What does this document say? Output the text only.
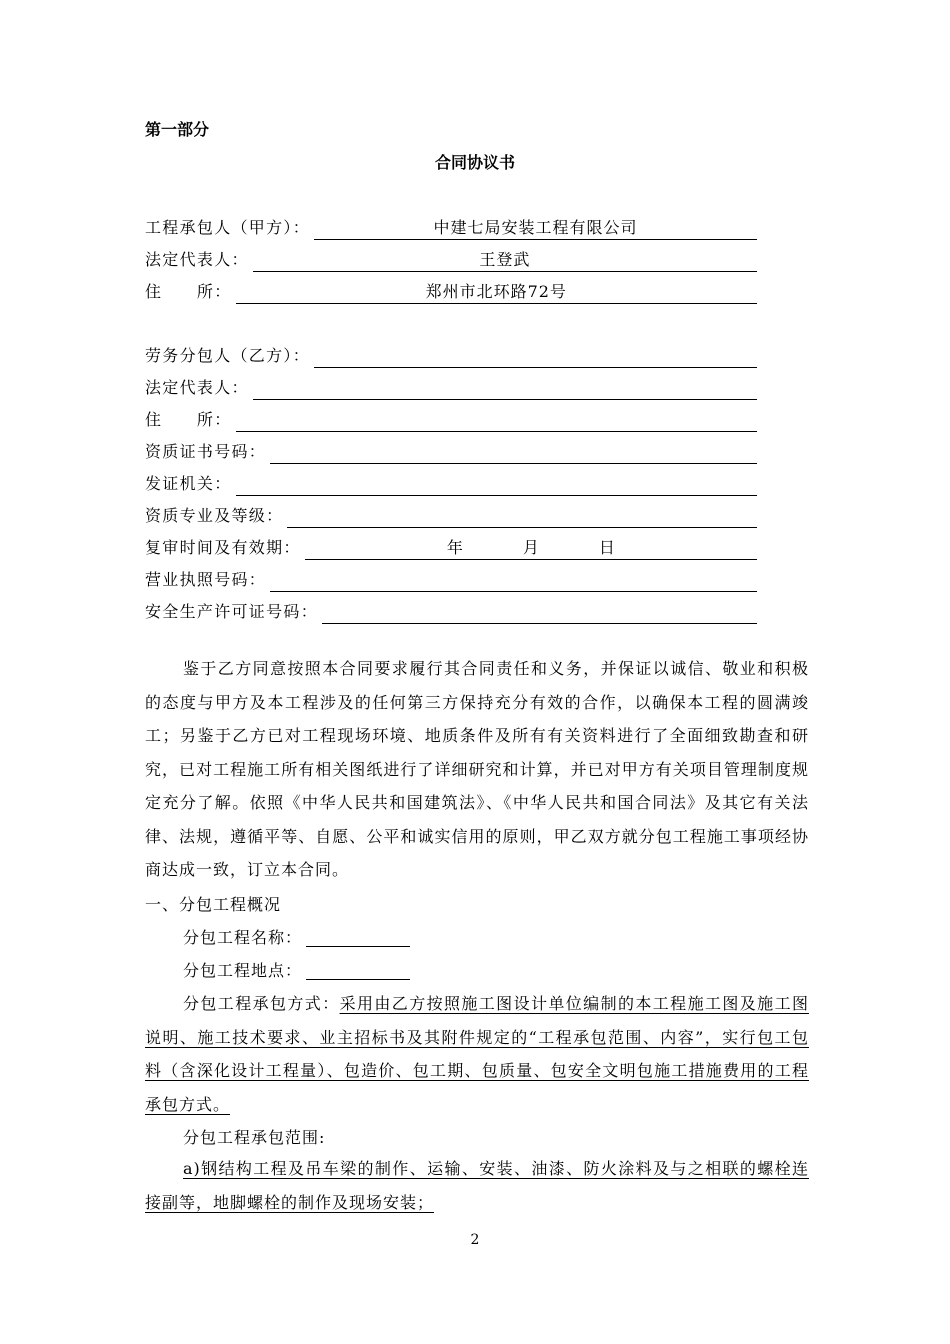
第一部分
合同协议书
工程承包人（甲方）：	中建七局安装工程有限公司
法定代表人：	王登武
住　　所：	郑州市北环路72号
劳务分包人（乙方）：
法定代表人：
住　　所：
资质证书号码：
发证机关：
资质专业及等级：
复审时间及有效期：	年	月	日
营业执照号码：
安全生产许可证号码：
鉴于乙方同意按照本合同要求履行其合同责任和义务，并保证以诚信、敬业和积极的态度与甲方及本工程涉及的任何第三方保持充分有效的合作，以确保本工程的圆满竣工；另鉴于乙方已对工程现场环境、地质条件及所有有关资料进行了全面细致勘查和研究，已对工程施工所有相关图纸进行了详细研究和计算，并已对甲方有关项目管理制度规定充分了解。依照《中华人民共和国建筑法》、《中华人民共和国合同法》及其它有关法律、法规，遵循平等、自愿、公平和诚实信用的原则，甲乙双方就分包工程施工事项经协商达成一致，订立本合同。
一、分包工程概况
分包工程名称：
分包工程地点：
分包工程承包方式：采用由乙方按照施工图设计单位编制的本工程施工图及施工图说明、施工技术要求、业主招标书及其附件规定的“工程承包范围、内容”，实行包工包料（含深化设计工程量）、包造价、包工期、包质量、包安全文明包施工措施费用的工程承包方式。
分包工程承包范围:
a)钢结构工程及吊车梁的制作、运输、安装、油漆、防火涂料及与之相联的螺栓连接副等，地脚螺栓的制作及现场安装；
2
